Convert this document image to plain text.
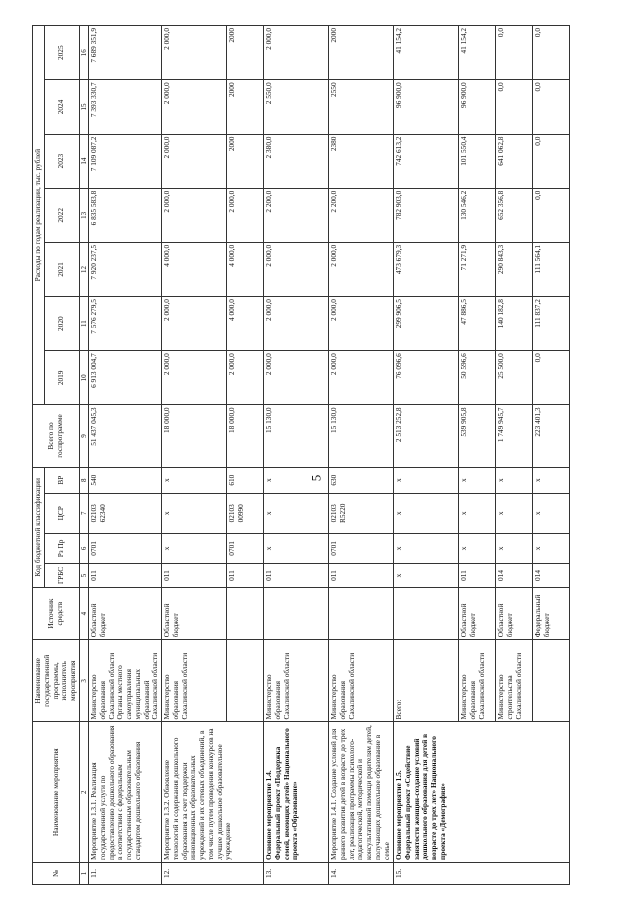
5
№	Наименование мероприятия	Наименование государственной программы, исполнитель мероприятия	Источник средств	Код бюджетной классификации				Всего по госпрограмме	Расходы по годам реализации, тыс. рублей						
				ГРБС	Рз Пр	ЦСР	ВР		2019	2020	2021	2022	2023	2024	2025

1	2	3	4	5	6	7	8	9	10	11	12	13	14	15	16
11.	Мероприятие 1.3.1. Реализация государственной услуги по предоставлению дошкольного образования в соответствии с федеральным государственным образовательным стандартом дошкольного образования	Министерство образования Сахалинской области Органы местного самоуправления муниципальных образований Сахалинской области	Областной бюджет	011	0701	02103 62340	540	51 437 045,3	6 913 004,7	7 576 279,5	7 920 237,5	6 835 583,8	7 109 087,2	7 393 330,7	7 689 351,9
12.	Мероприятие 1.3.2. Обновление технологий и содержания дошкольного образования за счет поддержки инновационных образовательных учреждений и их сетевых объединений, в том числе путем проведения конкурсов на лучшее дошкольное образовательное учреждение	Министерство образования Сахалинской области	Областной бюджет	011	х	х	х	18 000,0	2 000,0	2 000,0	4 000,0	2 000,0	2 000,0	2 000,0	2 000,0
				011	0701	02103 00990	610	18 000,0	2 000,0	4 000,0	4 000,0	2 000,0	2000	2000	2000
13.	Основное мероприятие 1.4. Федеральный проект «Поддержка семей, имеющих детей» Национального проекта «Образование»	Министерство образования Сахалинской области		011	х	х	х	15 130,0	2 000,0	2 000,0	2 000,0	2 200,0	2 380,0	2 550,0	2 000,0
14.	Мероприятие 1.4.1. Создание условий для раннего развития детей в возрасте до трех лет, реализация программы психолого-педагогической, методической и консультативной помощи родителям детей, получающих дошкольное образование в семье	Министерство образования Сахалинской области		011	0701	02103 R5220	630	15 130,0	2 000,0	2 000,0	2 000,0	2 200,0	2380	2550	2000
15.	Основное мероприятие 1.5. Федеральный проект «Содействие занятости женщин-создание условий дошкольного образования для детей в возрасте до трех лет» Национального проекта «Демография»	Всего:		х	х	х	х	2 513 252,8	76 096,6	299 906,5	473 679,3	782 903,0	742 613,2	96 900,0	41 154,2
		Министерство образования Сахалинской области	Областной бюджет	011	х	х	х	539 905,8	50 596,6	47 886,5	71 271,9	130 546,2	101 550,4	96 900,0	41 154,2
		Министерство строительства Сахалинской области	Областной бюджет	014	х	х	х	1 749 945,7	25 500,0	140 182,8	290 843,3	652 356,8	641 062,8	0,0	0,0
			Федеральный бюджет	014	х	х	х	223 401,3	0,0	111 837,2	111 564,1	0,0	0,0	0,0	0,0
